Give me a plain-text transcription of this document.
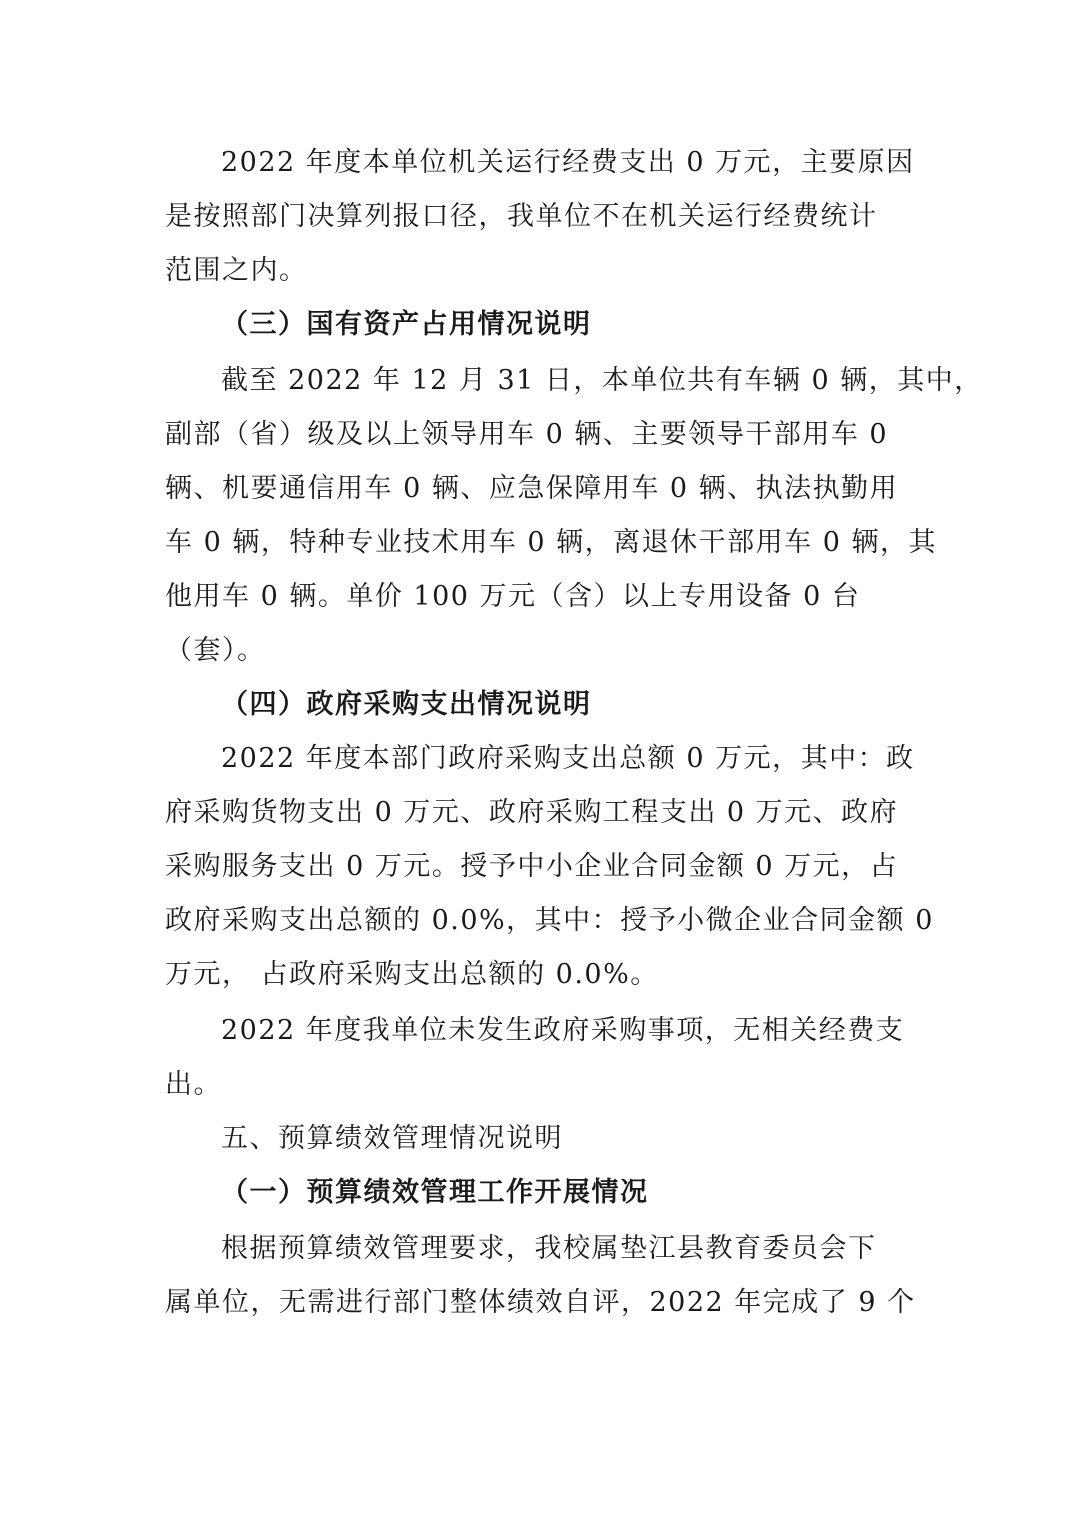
2022 年度本单位机关运行经费支出 0 万元，主要原因
是按照部门决算列报口径，我单位不在机关运行经费统计
范围之内。
（三）国有资产占用情况说明
截至 2022 年 12 月 31 日，本单位共有车辆 0 辆，其中，
副部（省）级及以上领导用车 0 辆、主要领导干部用车 0
辆、机要通信用车 0 辆、应急保障用车 0 辆、执法执勤用
车 0 辆，特种专业技术用车 0 辆，离退休干部用车 0 辆，其
他用车 0 辆。单价 100 万元（含）以上专用设备 0 台
（套）。
（四）政府采购支出情况说明
2022 年度本部门政府采购支出总额 0 万元，其中：政
府采购货物支出 0 万元、政府采购工程支出 0 万元、政府
采购服务支出 0 万元。授予中小企业合同金额 0 万元，占
政府采购支出总额的 0.0%，其中：授予小微企业合同金额 0
万元， 占政府采购支出总额的 0.0%。
2022 年度我单位未发生政府采购事项，无相关经费支
出。
五、预算绩效管理情况说明
（一）预算绩效管理工作开展情况
根据预算绩效管理要求，我校属垫江县教育委员会下
属单位，无需进行部门整体绩效自评，2022 年完成了 9 个
